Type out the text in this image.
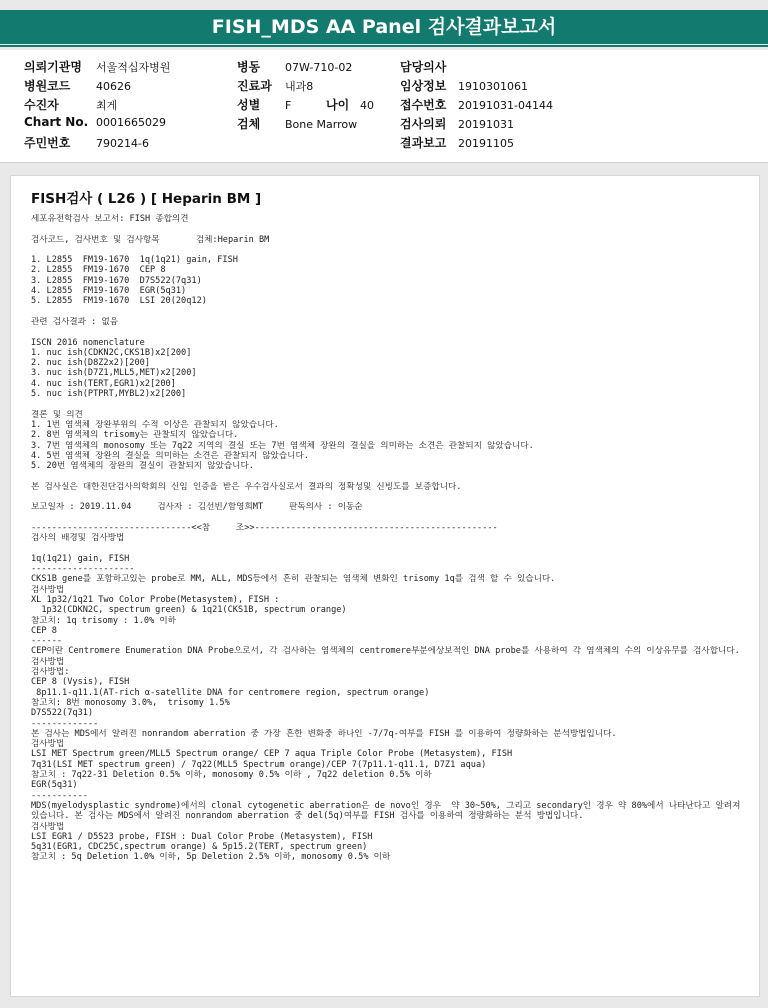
FISH_MDS AA Panel 검사결과보고서
의뢰기관명 서울적십자병원
병원코드 40626
수진자	최게
Chart No. 0001665029
주민번호 790214-6
병동 07W-710-02
진료과 내과8
성별 F
검체 Bone Marrow
나이 40
담당의사
임상정보 1910301061
접수번호 20191031-04144
검사의뢰 20191031
결과보고 20191105
FISH검사 ( L26 ) [ Heparin BM ]
세포유전학검사 보고서: FISH 종합의견
검사코드, 검사번호 및 검사항목       검체:Heparin BM
1. L2855  FM19-1670  1q(1q21) gain, FISH
2. L2855  FM19-1670  CEP 8
3. L2855  FM19-1670  D7S522(7q31)
4. L2855  FM19-1670  EGR(5q31)
5. L2855  FM19-1670  LSI 20(20q12)
관련 검사결과 : 없음
ISCN 2016 nomenclature
1. nuc ish(CDKN2C,CKS1B)x2[200]
2. nuc ish(D8Z2x2)[200]
3. nuc ish(D7Z1,MLL5,MET)x2[200]
4. nuc ish(TERT,EGR1)x2[200]
5. nuc ish(PTPRT,MYBL2)x2[200]
결론 및 의견
1. 1번 염색체 장완부위의 수적 이상은 관찰되지 않았습니다.
2. 8번 염색체의 trisomy는 관찰되지 않았습니다.
3. 7번 염색체의 monosomy 또는 7q22 지역의 결실 또는 7번 염색체 장완의 결실을 의미하는 소견은 관찰되지 않았습니다.
4. 5번 염색체 장완의 결실을 의미하는 소견은 관찰되지 않았습니다.
5. 20번 염색체의 장완의 결실이 관찰되지 않았습니다.
본 검사실은 대한진단검사의학회의 신임 인증을 받은 우수검사실로서 결과의 정확성및 신빙도를 보증합니다.
보고일자 : 2019.11.04     검사자 : 김선빈/함영희MT     판독의사 : 이동순
-------------------------------<<참     조>>-----------------------------------------------
검사의 배경및 검사방법
1q(1q21) gain, FISH
--------------------
CKS1B gene를 포함하고있는 probe로 MM, ALL, MDS등에서 흔히 관찰되는 염색체 변화인 trisomy 1q를 검색 할 수 있습니다.
검사방법
XL 1p32/1q21 Two Color Probe(Metasystem), FISH :
1p32(CDKN2C, spectrum green) & 1q21(CKS1B, spectrum orange)
참고치: 1q trisomy : 1.0% 이하
CEP 8
------
CEP이란 Centromere Enumeration DNA Probe으로서, 각 검사하는 염색체의 centromere부분에상보적인 DNA probe를 사용하여 각 염색체의 수의 이상유무를 검사합니다.
검사방법
검사방법:
CEP 8 (Vysis), FISH
8p11.1-q11.1(AT-rich α-satellite DNA for centromere region, spectrum orange)
참고치: 8번 monosomy 3.0%,  trisomy 1.5%
D7S522(7q31)
-------------
본 검사는 MDS에서 알려진 nonrandom aberration 중 가장 흔한 변화중 하나인 -7/7q-여부를 FISH 를 이용하여 정량화하는 분석방법입니다.
검사방법
LSI MET Spectrum green/MLL5 Spectrum orange/ CEP 7 aqua Triple Color Probe (Metasystem), FISH
7q31(LSI MET spectrum green) / 7q22(MLL5 Spectrum orange)/CEP 7(7p11.1-q11.1, D7Z1 aqua)
참고치 : 7q22-31 Deletion 0.5% 이하, monosomy 0.5% 이하 , 7q22 deletion 0.5% 이하
EGR(5q31)
-----------
MDS(myelodysplastic syndrome)에서의 clonal cytogenetic aberration은 de novo인 경우  약 30~50%, 그리고 secondary인 경우 약 80%에서 나타난다고 알려져 있습니다. 본 검사는 MDS에서 알려진 nonrandom aberration 중 del(5q)여부를 FISH 검사를 이용하여 정량화하는 분석 방법입니다.
검사방법
LSI EGR1 / D5S23 probe, FISH : Dual Color Probe (Metasystem), FISH
5q31(EGR1, CDC25C,spectrum orange) & 5p15.2(TERT, spectrum green)
참고치 : 5q Deletion 1.0% 이하, 5p Deletion 2.5% 이하, monosomy 0.5% 이하
